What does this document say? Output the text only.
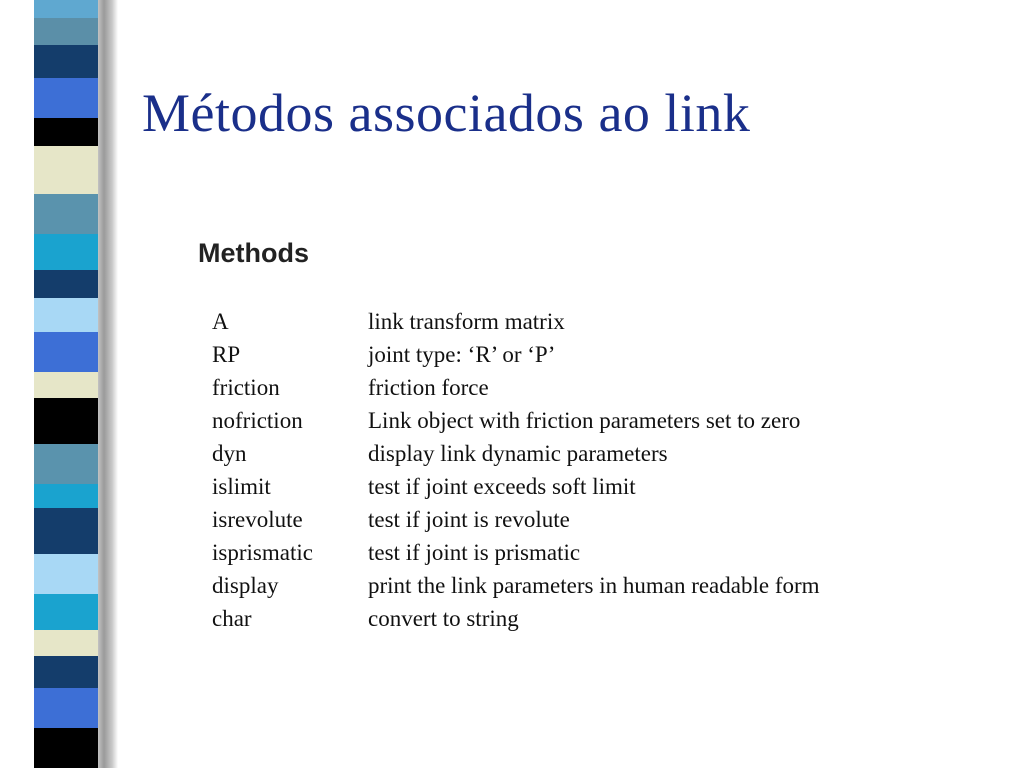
Métodos associados ao link
Methods
A	link transform matrix
RP	joint type: ‘R’ or ‘P’
friction	friction force
nofriction	Link object with friction parameters set to zero
dyn	display link dynamic parameters
islimit	test if joint exceeds soft limit
isrevolute	test if joint is revolute
isprismatic	test if joint is prismatic
display	print the link parameters in human readable form
char	convert to string
